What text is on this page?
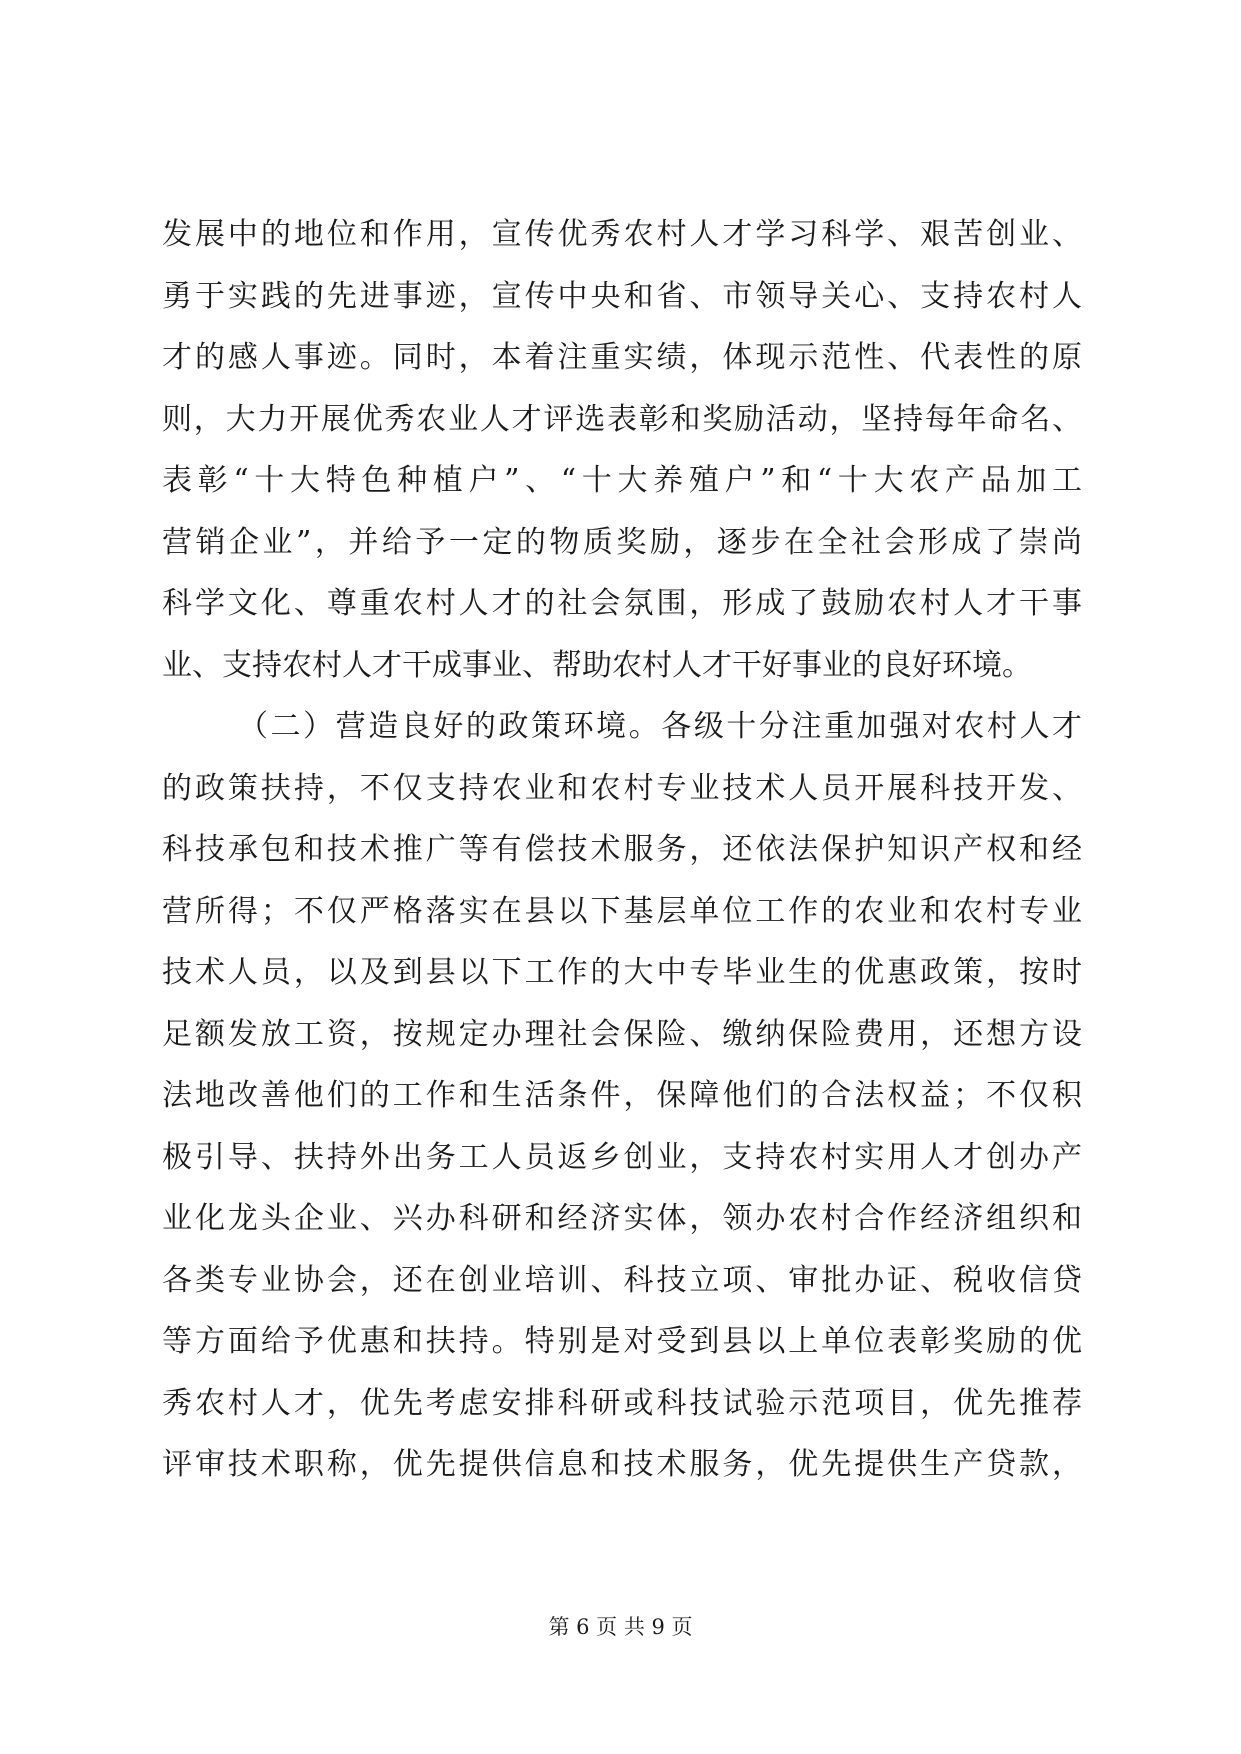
发展中的地位和作用，宣传优秀农村人才学习科学、艰苦创业、
勇于实践的先进事迹，宣传中央和省、市领导关心、支持农村人
才的感人事迹。同时，本着注重实绩，体现示范性、代表性的原
则，大力开展优秀农业人才评选表彰和奖励活动，坚持每年命名、
表彰“十大特色种植户”、“十大养殖户”和“十大农产品加工
营销企业”，并给予一定的物质奖励，逐步在全社会形成了崇尚
科学文化、尊重农村人才的社会氛围，形成了鼓励农村人才干事
业、支持农村人才干成事业、帮助农村人才干好事业的良好环境。
（二）营造良好的政策环境。各级十分注重加强对农村人才
的政策扶持，不仅支持农业和农村专业技术人员开展科技开发、
科技承包和技术推广等有偿技术服务，还依法保护知识产权和经
营所得；不仅严格落实在县以下基层单位工作的农业和农村专业
技术人员，以及到县以下工作的大中专毕业生的优惠政策，按时
足额发放工资，按规定办理社会保险、缴纳保险费用，还想方设
法地改善他们的工作和生活条件，保障他们的合法权益；不仅积
极引导、扶持外出务工人员返乡创业，支持农村实用人才创办产
业化龙头企业、兴办科研和经济实体，领办农村合作经济组织和
各类专业协会，还在创业培训、科技立项、审批办证、税收信贷
等方面给予优惠和扶持。特别是对受到县以上单位表彰奖励的优
秀农村人才，优先考虑安排科研或科技试验示范项目，优先推荐
评审技术职称，优先提供信息和技术服务，优先提供生产贷款，
第 6 页 共 9 页
